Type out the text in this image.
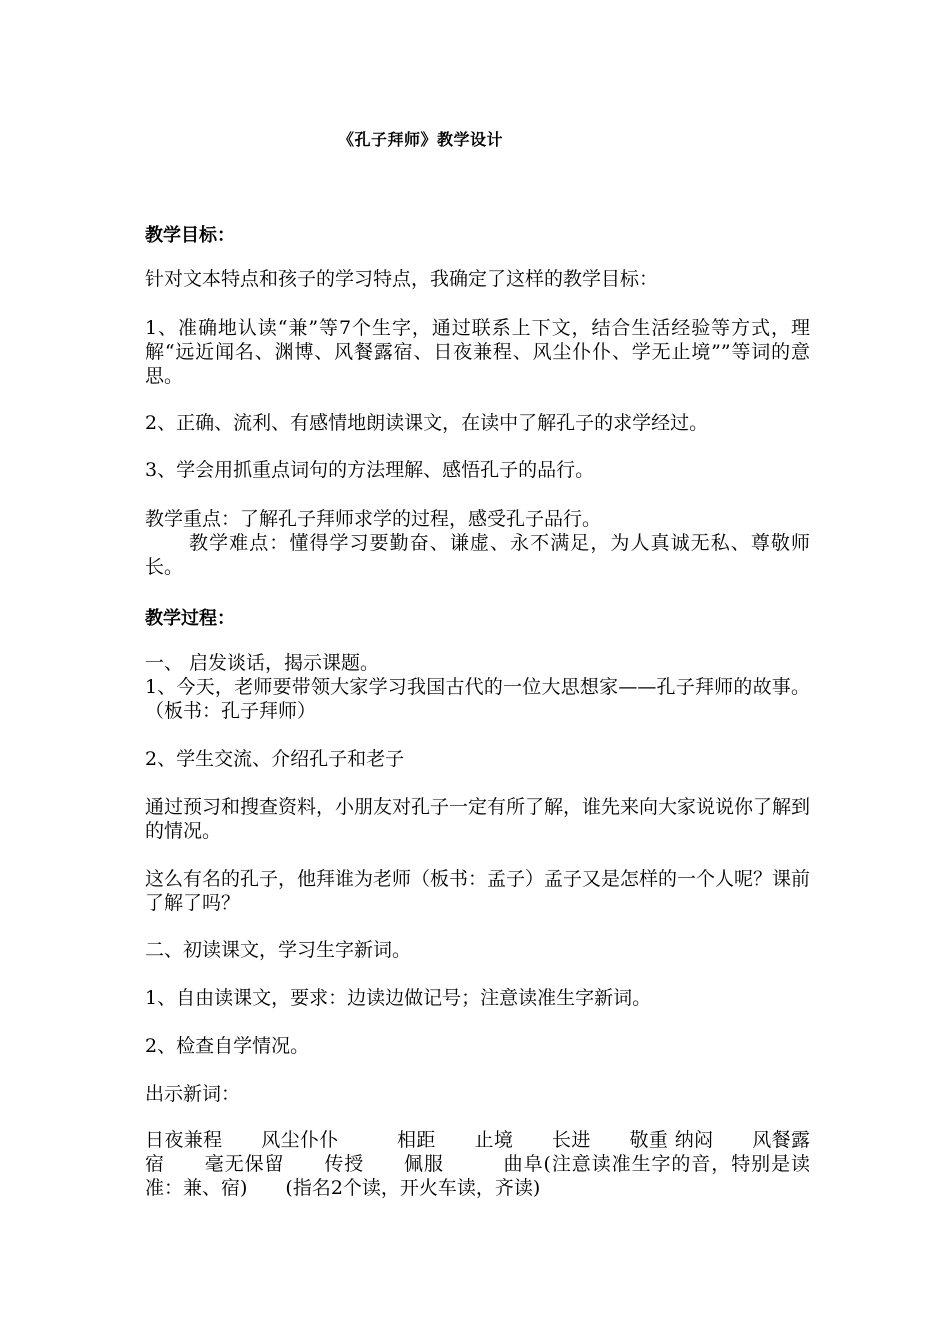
《孔子拜师》教学设计
教学目标：

针对文本特点和孩子的学习特点，我确定了这样的教学目标：

1、准确地认读“兼”等7个生字，通过联系上下文，结合生活经验等方式，理解“远近闻名、渊博、风餐露宿、日夜兼程、风尘仆仆、学无止境””等词的意思。

2、正确、流利、有感情地朗读课文，在读中了解孔子的求学经过。

3、学会用抓重点词句的方法理解、感悟孔子的品行。

教学重点：了解孔子拜师求学的过程，感受孔子品行。

教学难点：懂得学习要勤奋、谦虚、永不满足，为人真诚无私、尊敬师长。

教学过程：

一、 启发谈话，揭示课题。

1、今天，老师要带领大家学习我国古代的一位大思想家——孔子拜师的故事。（板书：孔子拜师）

2、学生交流、介绍孔子和老子

通过预习和搜查资料，小朋友对孔子一定有所了解，谁先来向大家说说你了解到的情况。

这么有名的孔子，他拜谁为老师（板书：孟子）孟子又是怎样的一个人呢？课前了解了吗？

二、初读课文，学习生字新词。

1、自由读课文，要求：边读边做记号；注意读准生字新词。

2、检查自学情况。

出示新词：

日夜兼程　　风尘仆仆　　　相距　　止境　　长进　　敬重 纳闷　　风餐露宿　　毫无保留　　传授　　佩服　　　曲阜(注意读准生字的音，特别是读准：兼、宿)　　(指名2个读，开火车读，齐读)
